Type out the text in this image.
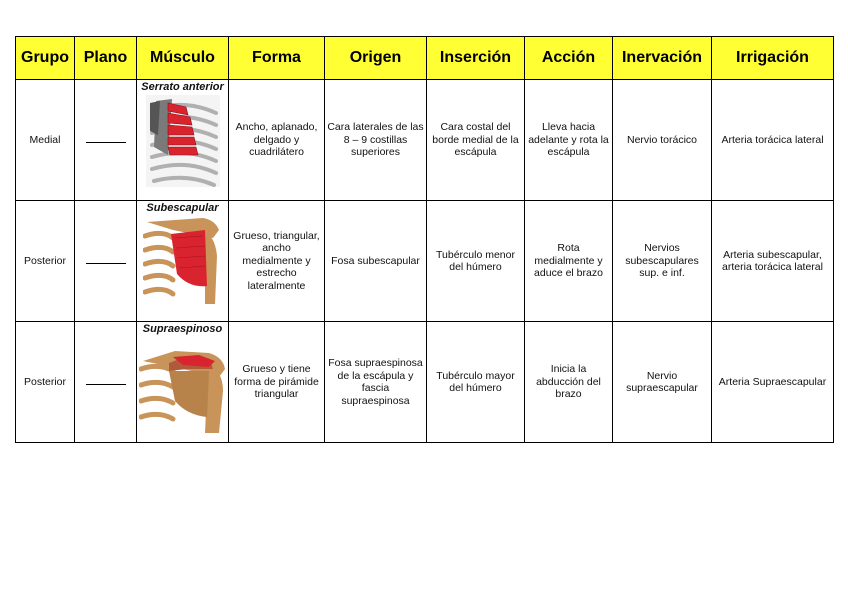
Grupo	Plano	Músculo	Forma	Origen	Inserción	Acción	Inervación	Irrigación
Medial		Serrato anterior	Ancho, aplanado, delgado y cuadrilátero	Cara laterales de las 8 – 9 costillas superiores	Cara costal del borde medial de la escápula	Lleva hacia adelante y rota la escápula	Nervio torácico	Arteria torácica lateral
Posterior		Subescapular	Grueso, triangular, ancho medialmente y estrecho lateralmente	Fosa subescapular	Tubérculo menor del húmero	Rota medialmente y aduce el brazo	Nervios subescapulares sup. e inf.	Arteria subescapular, arteria torácica lateral
Posterior		Supraespinoso	Grueso y tiene forma de pirámide triangular	Fosa supraespinosa de la escápula y fascia supraespinosa	Tubérculo mayor del húmero	Inicia la abducción del brazo	Nervio supraescapular	Arteria Supraescapular
